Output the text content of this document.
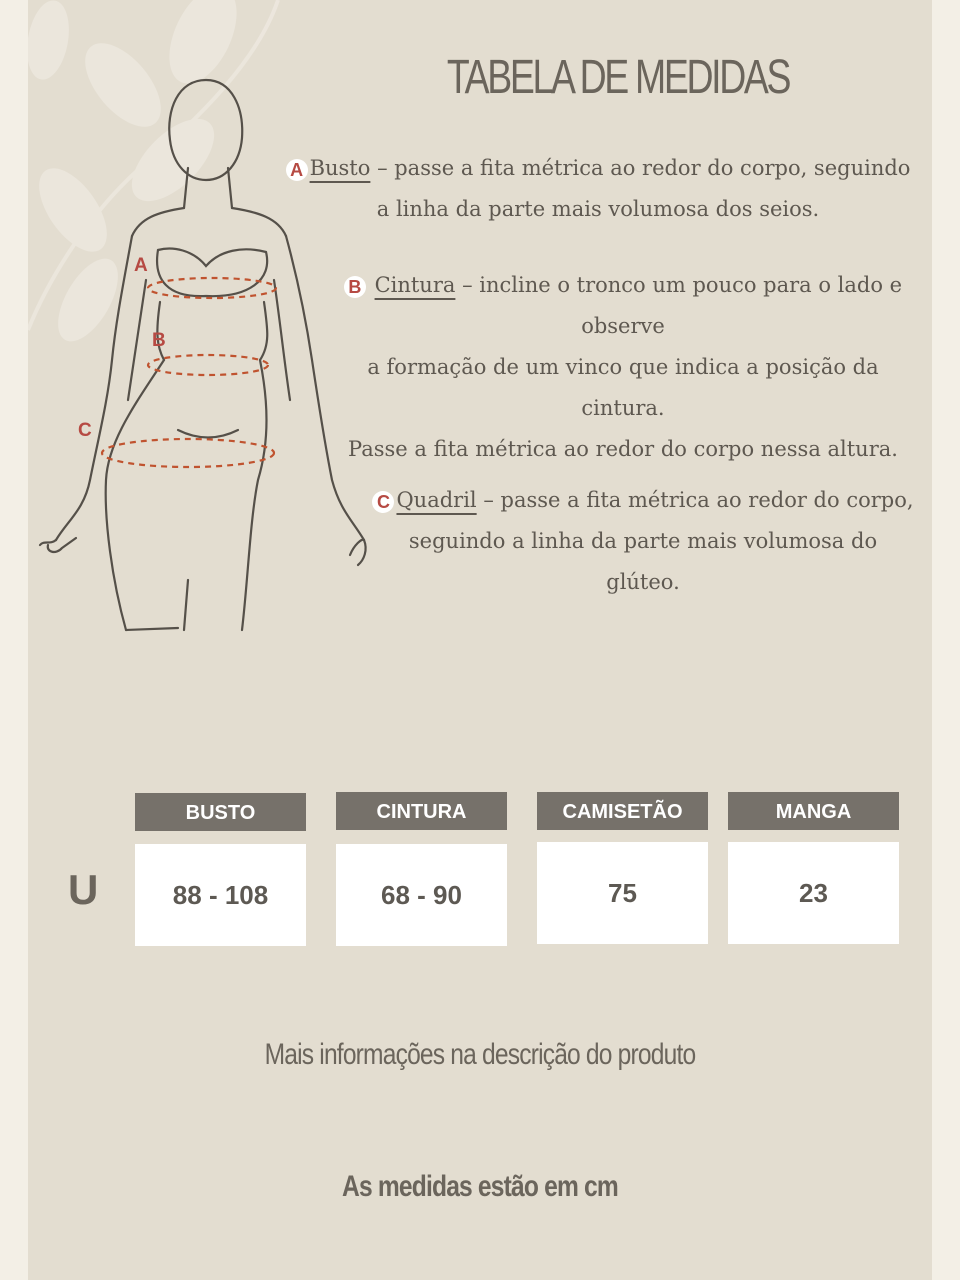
TABELA DE MEDIDAS
A
B
C
A Busto – passe a fita métrica ao redor do corpo, seguindo
a linha da parte mais volumosa dos seios.
B Cintura – incline o tronco um pouco para o lado e
observe
a formação de um vinco que indica a posição da cintura.
Passe a fita métrica ao redor do corpo nessa altura.
C Quadril – passe a fita métrica ao redor do corpo,
seguindo a linha da parte mais volumosa do
glúteo.
U
BUSTO	CINTURA	CAMISETÃO	MANGA
88 - 108	68 - 90	75	23
Mais informações na descrição do produto
As medidas estão em cm
